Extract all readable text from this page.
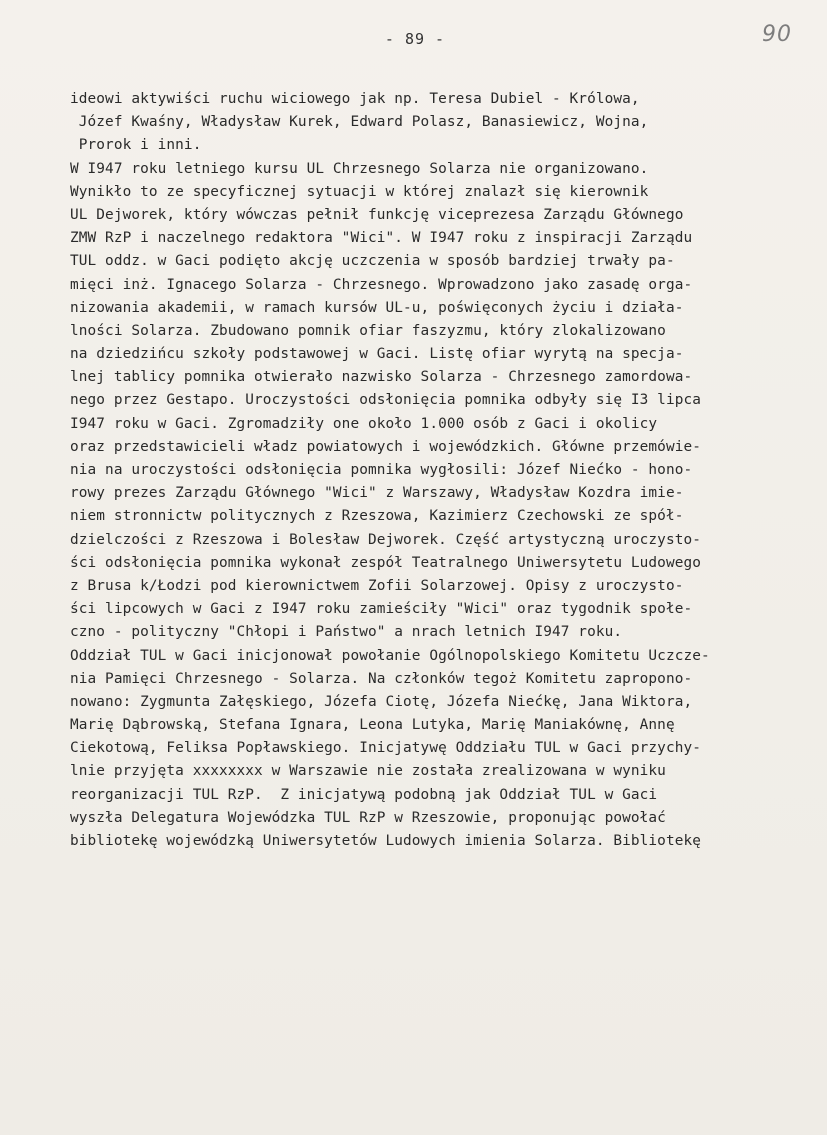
- 89 -	90
ideowi aktywiści ruchu wiciowego jak np. Teresa Dubiel - Królowa,
Józef Kwaśny, Władysław Kurek, Edward Polasz, Banasiewicz, Wojna,
Prorok i inni.
W I947 roku letniego kursu UL Chrzesnego Solarza nie organizowano.
Wynikło to ze specyficznej sytuacji w której znalazł się kierownik
UL Dejworek, który wówczas pełnił funkcję viceprezesa Zarządu Głównego
ZMW RzP i naczelnego redaktora "Wici". W I947 roku z inspiracji Zarządu
TUL oddz. w Gaci podięto akcję uczczenia w sposób bardziej trwały pa-
mięci inż. Ignacego Solarza - Chrzesnego. Wprowadzono jako zasadę orga-
nizowania akademii, w ramach kursów UL-u, poświęconych życiu i działa-
lności Solarza. Zbudowano pomnik ofiar faszyzmu, który zlokalizowano
na dziedzińcu szkoły podstawowej w Gaci. Listę ofiar wyrytą na specja-
lnej tablicy pomnika otwierało nazwisko Solarza - Chrzesnego zamordowa-
nego przez Gestapo. Uroczystości odsłonięcia pomnika odbyły się I3 lipca
I947 roku w Gaci. Zgromadziły one około 1.000 osób z Gaci i okolicy
oraz przedstawicieli władz powiatowych i wojewódzkich. Główne przemówie-
nia na uroczystości odsłonięcia pomnika wygłosili: Józef Niećko - hono-
rowy prezes Zarządu Głównego "Wici" z Warszawy, Władysław Kozdra imie-
niem stronnictw politycznych z Rzeszowa, Kazimierz Czechowski ze spół-
dzielczości z Rzeszowa i Bolesław Dejworek. Część artystyczną uroczysto-
ści odsłonięcia pomnika wykonał zespół Teatralnego Uniwersytetu Ludowego
z Brusa k/Łodzi pod kierownictwem Zofii Solarzowej. Opisy z uroczysto-
ści lipcowych w Gaci z I947 roku zamieściły "Wici" oraz tygodnik społe-
czno - polityczny "Chłopi i Państwo" a nrach letnich I947 roku.
Oddział TUL w Gaci inicjonował powołanie Ogólnopolskiego Komitetu Uczcze-
nia Pamięci Chrzesnego - Solarza. Na członków tegoż Komitetu zapropono-
nowano: Zygmunta Załęskiego, Józefa Ciotę, Józefa Niećkę, Jana Wiktora,
Marię Dąbrowską, Stefana Ignara, Leona Lutyka, Marię Maniakównę, Annę
Ciekotową, Feliksa Popławskiego. Inicjatywę Oddziału TUL w Gaci przychy-
lnie przyjęta xxxxxxxx w Warszawie nie została zrealizowana w wyniku
reorganizacji TUL RzP.  Z inicjatywą podobną jak Oddział TUL w Gaci
wyszła Delegatura Wojewódzka TUL RzP w Rzeszowie, proponując powołać
bibliotekę wojewódzką Uniwersytetów Ludowych imienia Solarza. Bibliotekę
